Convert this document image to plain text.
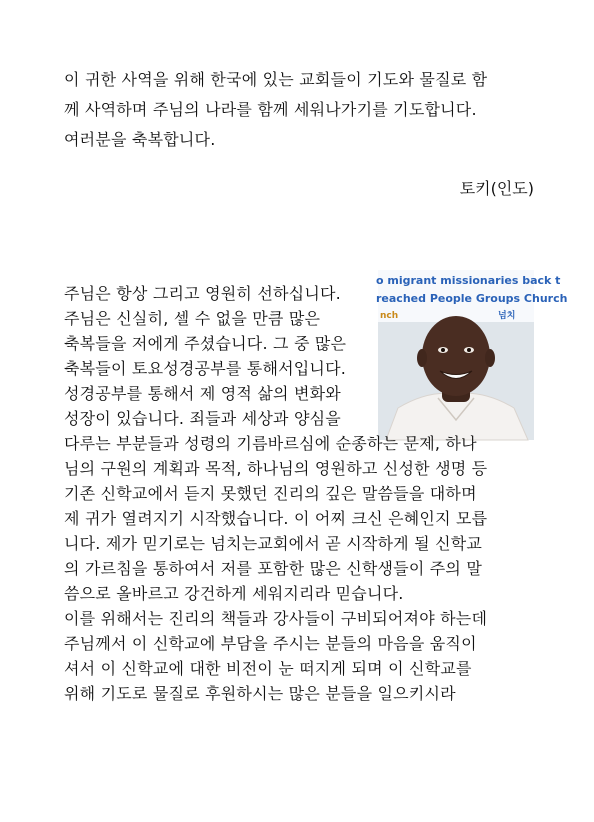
이 귀한 사역을 위해 한국에 있는 교회들이 기도와 물질로 함
께 사역하며 주님의 나라를 함께 세워나가기를 기도합니다.
여러분을 축복합니다.
토키(인도)
o migrant missionaries back t
reached People Groups Church
nch	넘치
주님은 항상 그리고 영원히 선하십니다.
주님은 신실히, 셀 수 없을 만큼 많은
축복들을 저에게 주셨습니다. 그 중 많은
축복들이 토요성경공부를 통해서입니다.
성경공부를 통해서 제 영적 삶의 변화와
성장이 있습니다. 죄들과 세상과 양심을
다루는 부분들과 성령의 기름바르심에 순종하는 문제, 하나
님의 구원의 계획과 목적, 하나님의 영원하고 신성한 생명 등
기존 신학교에서 듣지 못했던 진리의 깊은 말씀들을 대하며
제 귀가 열려지기 시작했습니다. 이 어찌 크신 은혜인지 모릅
니다. 제가 믿기로는 넘치는교회에서 곧 시작하게 될 신학교
의 가르침을 통하여서 저를 포함한 많은 신학생들이 주의 말
씀으로 올바르고 강건하게 세워지리라 믿습니다.
이를 위해서는 진리의 책들과 강사들이 구비되어져야 하는데
주님께서 이 신학교에 부담을 주시는 분들의 마음을 움직이
셔서 이 신학교에 대한 비전이 눈 떠지게 되며 이 신학교를
위해 기도로 물질로 후원하시는 많은 분들을 일으키시라
